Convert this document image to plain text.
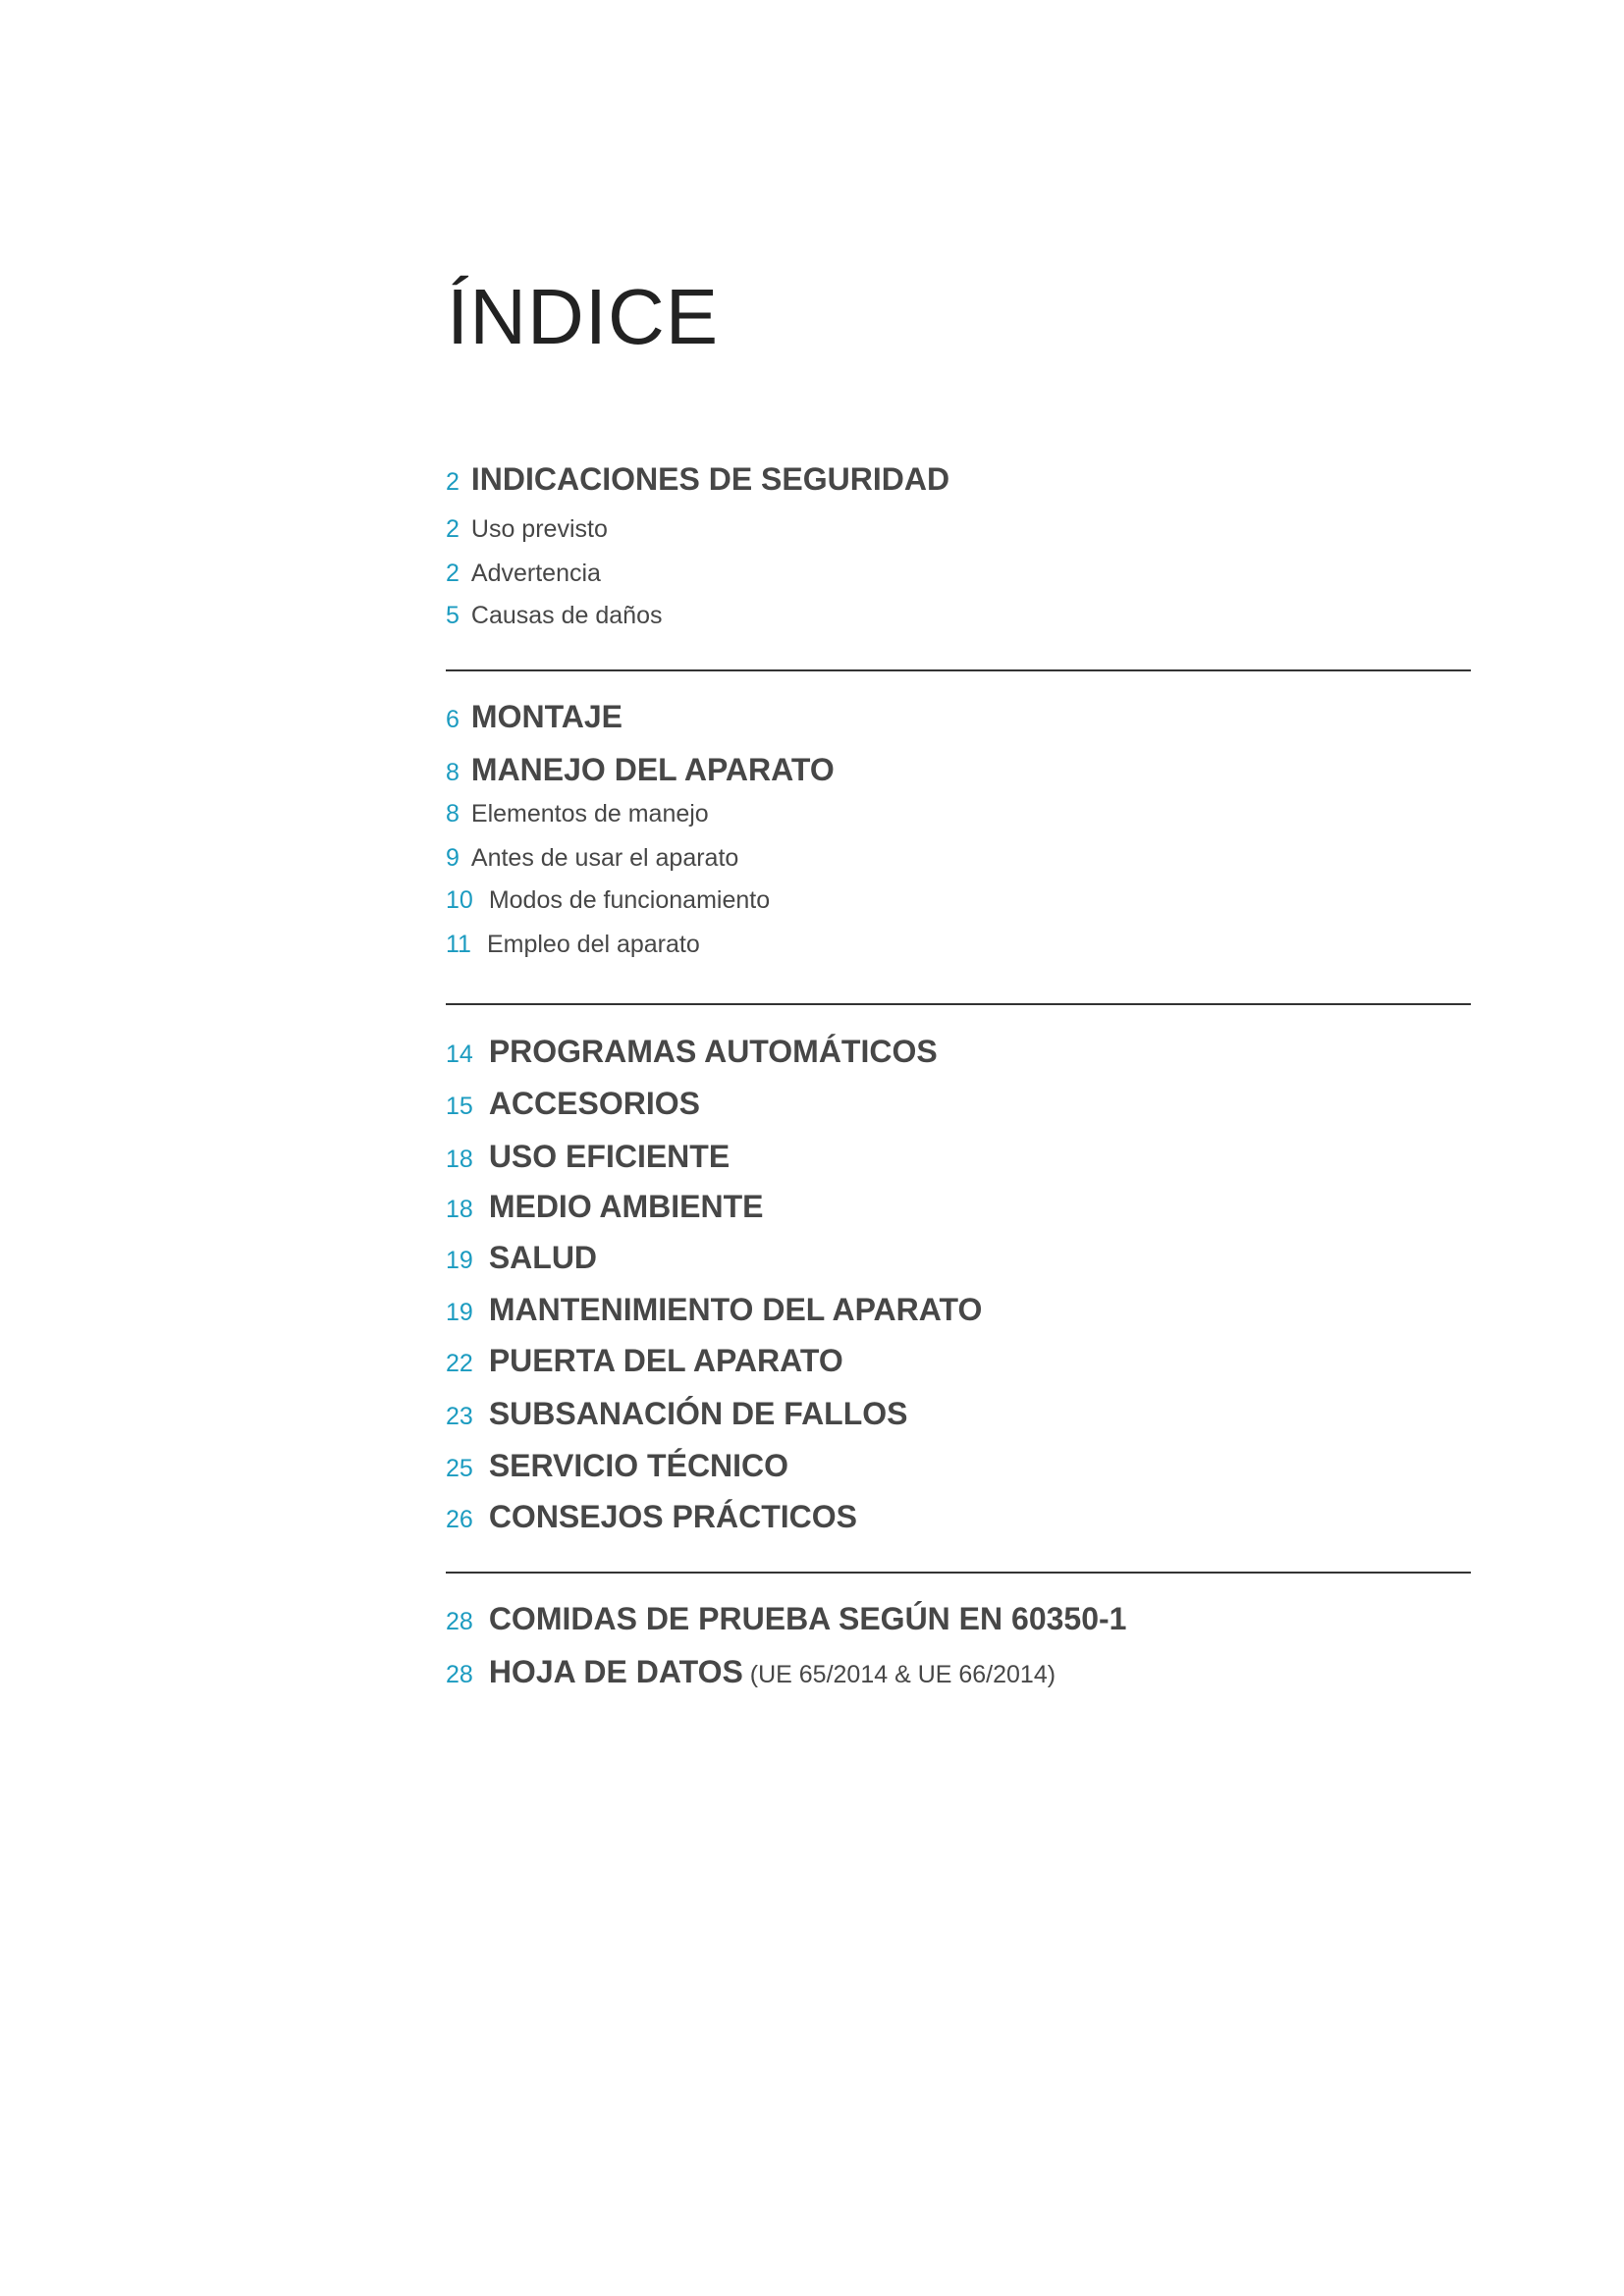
ÍNDICE
2 INDICACIONES DE SEGURIDAD
2 Uso previsto
2 Advertencia
5 Causas de daños
6 MONTAJE
8 MANEJO DEL APARATO
8 Elementos de manejo
9 Antes de usar el aparato
10 Modos de funcionamiento
11 Empleo del aparato
14 PROGRAMAS AUTOMÁTICOS
15 ACCESORIOS
18 USO EFICIENTE
18 MEDIO AMBIENTE
19 SALUD
19 MANTENIMIENTO DEL APARATO
22 PUERTA DEL APARATO
23 SUBSANACIÓN DE FALLOS
25 SERVICIO TÉCNICO
26 CONSEJOS PRÁCTICOS
28 COMIDAS DE PRUEBA SEGÚN EN 60350-1
28 HOJA DE DATOS (UE 65/2014 & UE 66/2014)
